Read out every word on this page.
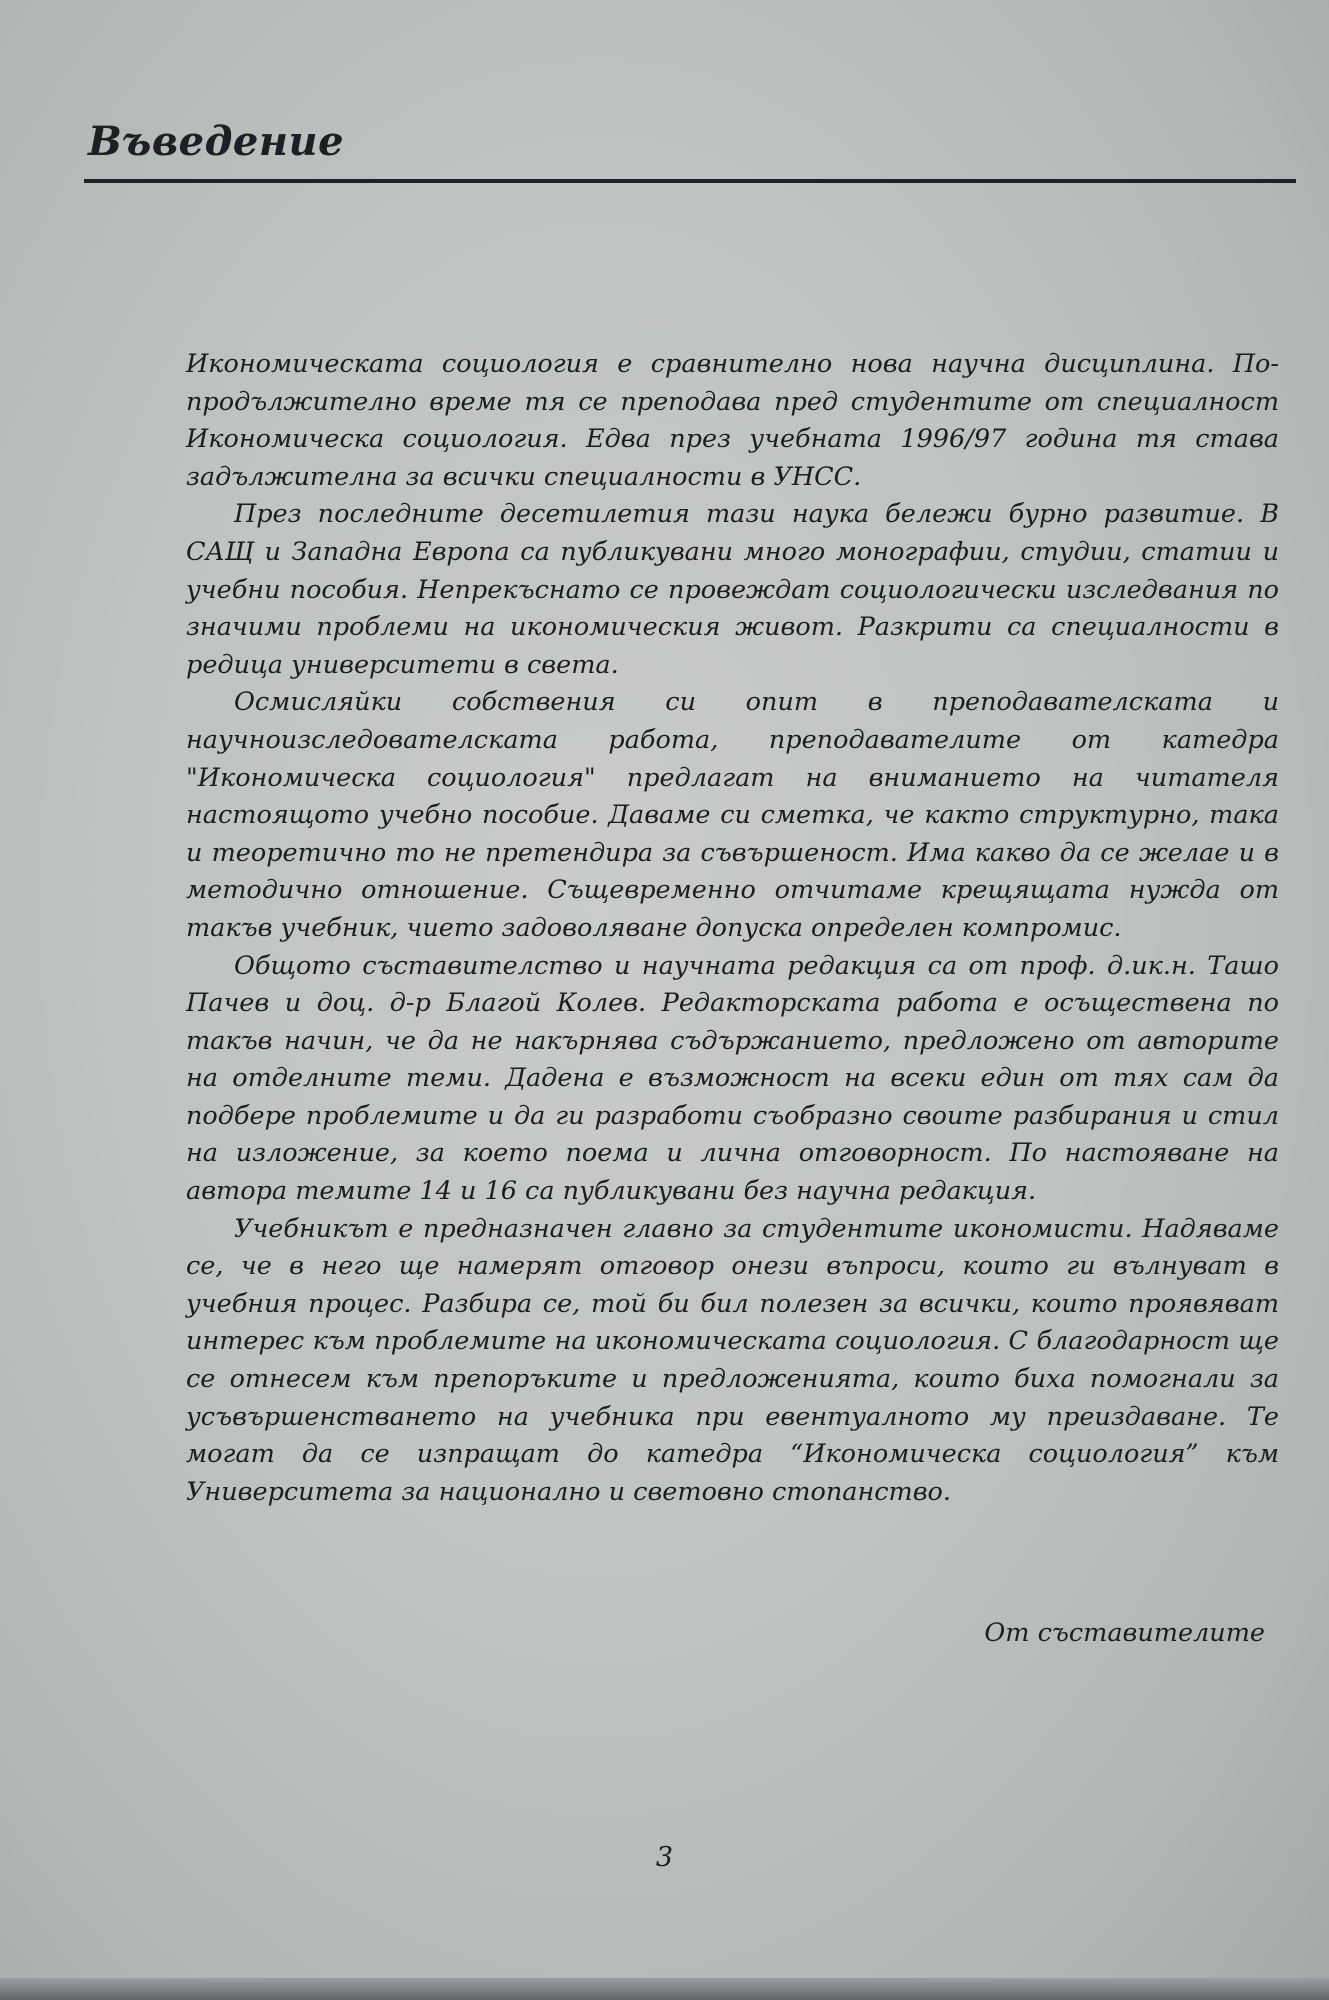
Въведение

Икономическата социология е сравнително нова научна дисциплина. По-продължително време тя се преподава пред студентите от специалност Икономическа социология. Едва през учебната 1996/97 година тя става задължителна за всички специалности в УНСС.

През последните десетилетия тази наука бележи бурно развитие. В САЩ и Западна Европа са публикувани много монографии, студии, статии и учебни пособия. Непрекъснато се провеждат социологически изследвания по значими проблеми на икономическия живот. Разкрити са специалности в редица университети в света.

Осмисляйки собствения си опит в преподавателската и научноизследователската работа, преподавателите от катедра "Икономическа социология" предлагат на вниманието на читателя настоящото учебно пособие. Даваме си сметка, че както структурно, така и теоретично то не претендира за съвършеност. Има какво да се желае и в методично отношение. Същевременно отчитаме крещящата нужда от такъв учебник, чието задоволяване допуска определен компромис.

Общото съставителство и научната редакция са от проф. д.ик.н. Ташо Пачев и доц. д-р Благой Колев. Редакторската работа е осъществена по такъв начин, че да не накърнява съдържанието, предложено от авторите на отделните теми. Дадена е възможност на всеки един от тях сам да подбере проблемите и да ги разработи съобразно своите разбирания и стил на изложение, за което поема и лична отговорност. По настояване на автора темите 14 и 16 са публикувани без научна редакция.

Учебникът е предназначен главно за студентите икономисти. Надяваме се, че в него ще намерят отговор онези въпроси, които ги вълнуват в учебния процес. Разбира се, той би бил полезен за всички, които проявяват интерес към проблемите на икономическата социология. С благодарност ще се отнесем към препоръките и предложенията, които биха помогнали за усъвършенстването на учебника при евентуалното му преиздаване. Те могат да се изпращат до катедра “Икономическа социология” към Университета за национално и световно стопанство.

От съставителите
3
